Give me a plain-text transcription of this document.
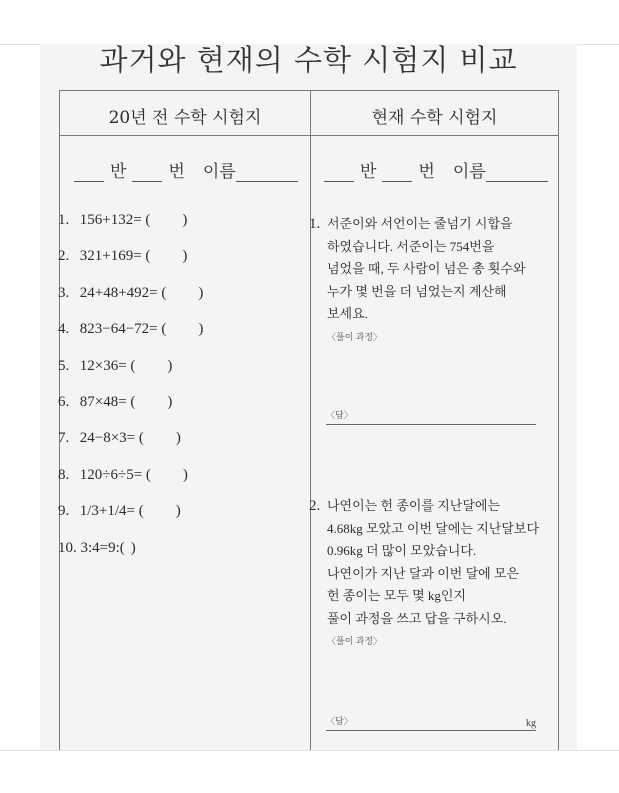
과거와 현재의 수학 시험지 비교
20년 전 수학 시험지	현재 수학 시험지
반 번 이름	반 번 이름
1. 156+132= ( )
2. 321+169= ( )
3. 24+48+492= ( )
4. 823−64−72= ( )
5. 12×36= ( )
6. 87×48= ( )
7. 24−8×3= ( )
8. 120÷6÷5= ( )
9. 1/3+1/4= ( )
10. 3:4=9:( )
1. 서준이와 서언이는 줄넘기 시합을
하였습니다. 서준이는 754번을
넘었을 때, 두 사람이 넘은 총 횟수와
누가 몇 번을 더 넘었는지 계산해
보세요.
〈풀이 과정〉
〈답〉
2. 나연이는 헌 종이를 지난달에는
4.68kg 모았고 이번 달에는 지난달보다
0.96kg 더 많이 모았습니다.
나연이가 지난 달과 이번 달에 모은
헌 종이는 모두 몇 kg인지
풀이 과정을 쓰고 답을 구하시오.
〈풀이 과정〉
〈답〉	kg
